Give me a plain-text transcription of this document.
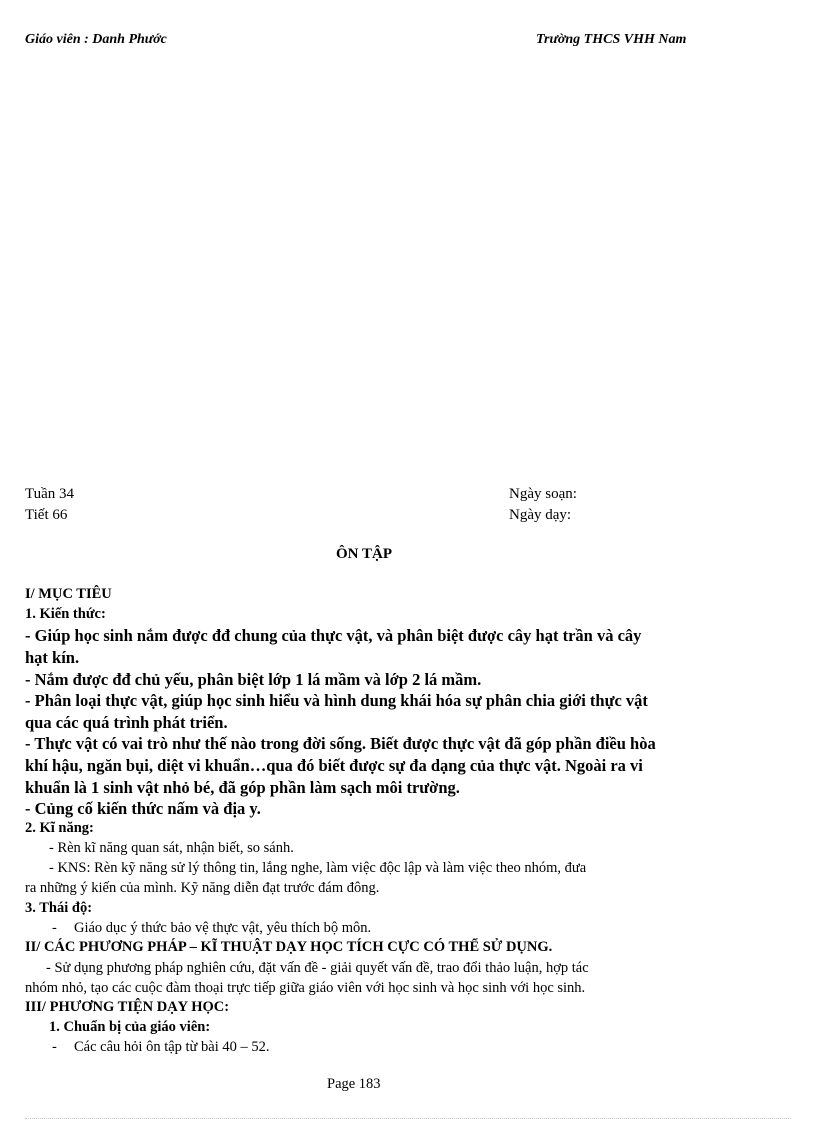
Giáo viên : Danh Phước	Trường THCS VHH Nam
Tuần 34
Tiết 66
Ngày soạn:
Ngày dạy:
ÔN TẬP
I/ MỤC TIÊU
1. Kiến thức:
- Giúp học sinh nắm được đđ chung của thực vật, và phân biệt được cây hạt trần và cây
hạt kín.
- Nắm được đđ chủ yếu, phân biệt lớp 1 lá mầm và lớp 2 lá mầm.
- Phân loại thực vật, giúp học sinh hiểu và hình dung khái hóa sự phân chia giới thực vật
qua các quá trình phát triển.
- Thực vật có vai trò như thế nào trong đời sống. Biết được thực vật đã góp phần điều hòa
khí hậu, ngăn bụi, diệt vi khuẩn…qua đó biết được sự đa dạng của thực vật. Ngoài ra vi
khuẩn là 1 sinh vật nhỏ bé, đã góp phần làm sạch môi trường.
- Củng cố kiến thức nấm và địa y.
2. Kĩ năng:
- Rèn kĩ năng quan sát, nhận biết, so sánh.
- KNS: Rèn kỹ năng sử lý thông tin, lắng nghe, làm việc độc lập và làm việc theo nhóm, đưa
ra những ý kiến của mình. Kỹ năng diễn đạt trước đám đông.
3. Thái độ:
- Giáo dục ý thức bảo vệ thực vật, yêu thích bộ môn.
II/ CÁC PHƯƠNG PHÁP – KĨ THUẬT DẠY HỌC TÍCH CỰC CÓ THỂ SỬ DỤNG.
- Sử dụng phương pháp nghiên cứu, đặt vấn đề - giải quyết vấn đề, trao đổi thảo luận, hợp tác
nhóm nhỏ, tạo các cuộc đàm thoại trực tiếp giữa giáo viên với học sinh và học sinh với học sinh.
III/ PHƯƠNG TIỆN DẠY HỌC:
1. Chuẩn bị của giáo viên:
- Các câu hỏi ôn tập từ bài 40 – 52.
Page 183
